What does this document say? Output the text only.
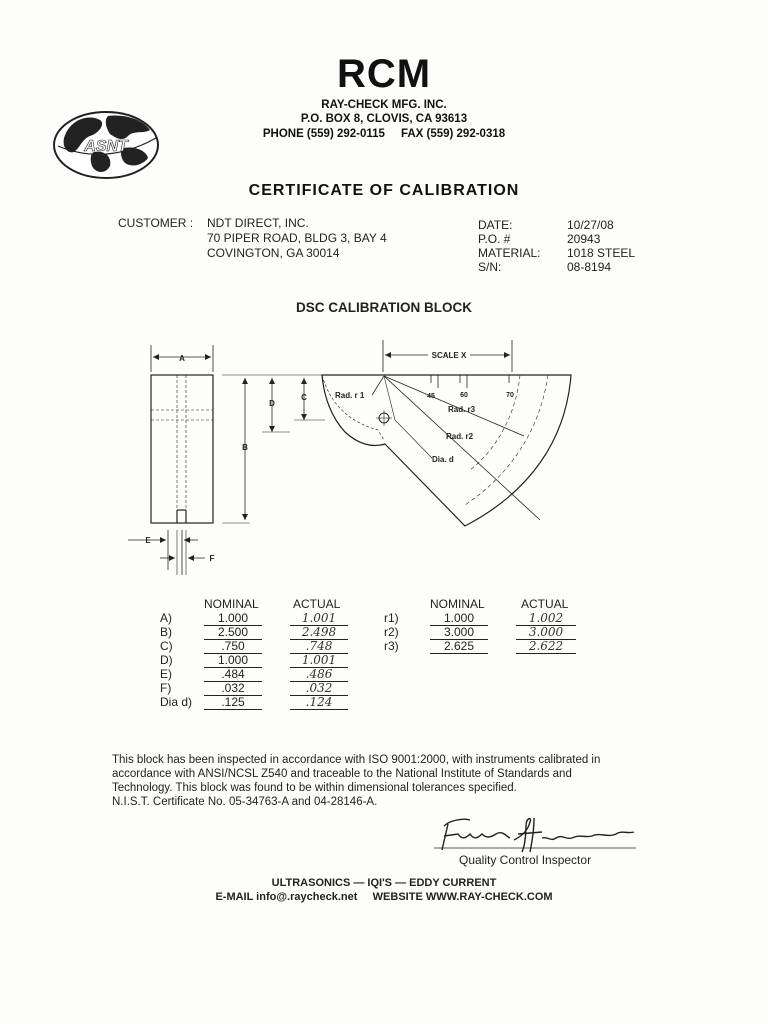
RCM
RAY-CHECK MFG. INC.
P.O. BOX 8, CLOVIS, CA 93613
PHONE (559) 292-0115 FAX (559) 292-0318
ASNT
CERTIFICATE OF CALIBRATION
CUSTOMER : NDT DIRECT, INC.
70 PIPER ROAD, BLDG 3, BAY 4
COVINGTON, GA 30014
DATE:	10/27/08
P.O. #	20943
MATERIAL: 1018 STEEL
S/N:	08-8194
DSC CALIBRATION BLOCK
A
B
D
C
E
F
SCALE X
45	60	70
Rad. r 1
Rad. r3
Rad. r2
Dia. d
NOMINAL	ACTUAL
A)	1.000	1.001
B)	2.500	2.498
C)	.750	.748
D)	1.000	1.001
E)	.484	.486
F)	.032	.032
Dia d)	.125	.124
NOMINAL	ACTUAL
r1)	1.000	1.002
r2)	3.000	3.000
r3)	2.625	2.622
This block has been inspected in accordance with ISO 9001:2000, with instruments calibrated in
accordance with ANSI/NCSL Z540 and traceable to the National Institute of Standards and
Technology. This block was found to be within dimensional tolerances specified.
N.I.S.T. Certificate No. 05-34763-A and 04-28146-A.
Quality Control Inspector
ULTRASONICS — IQI'S — EDDY CURRENT
E-MAIL info@.raycheck.net WEBSITE WWW.RAY-CHECK.COM
